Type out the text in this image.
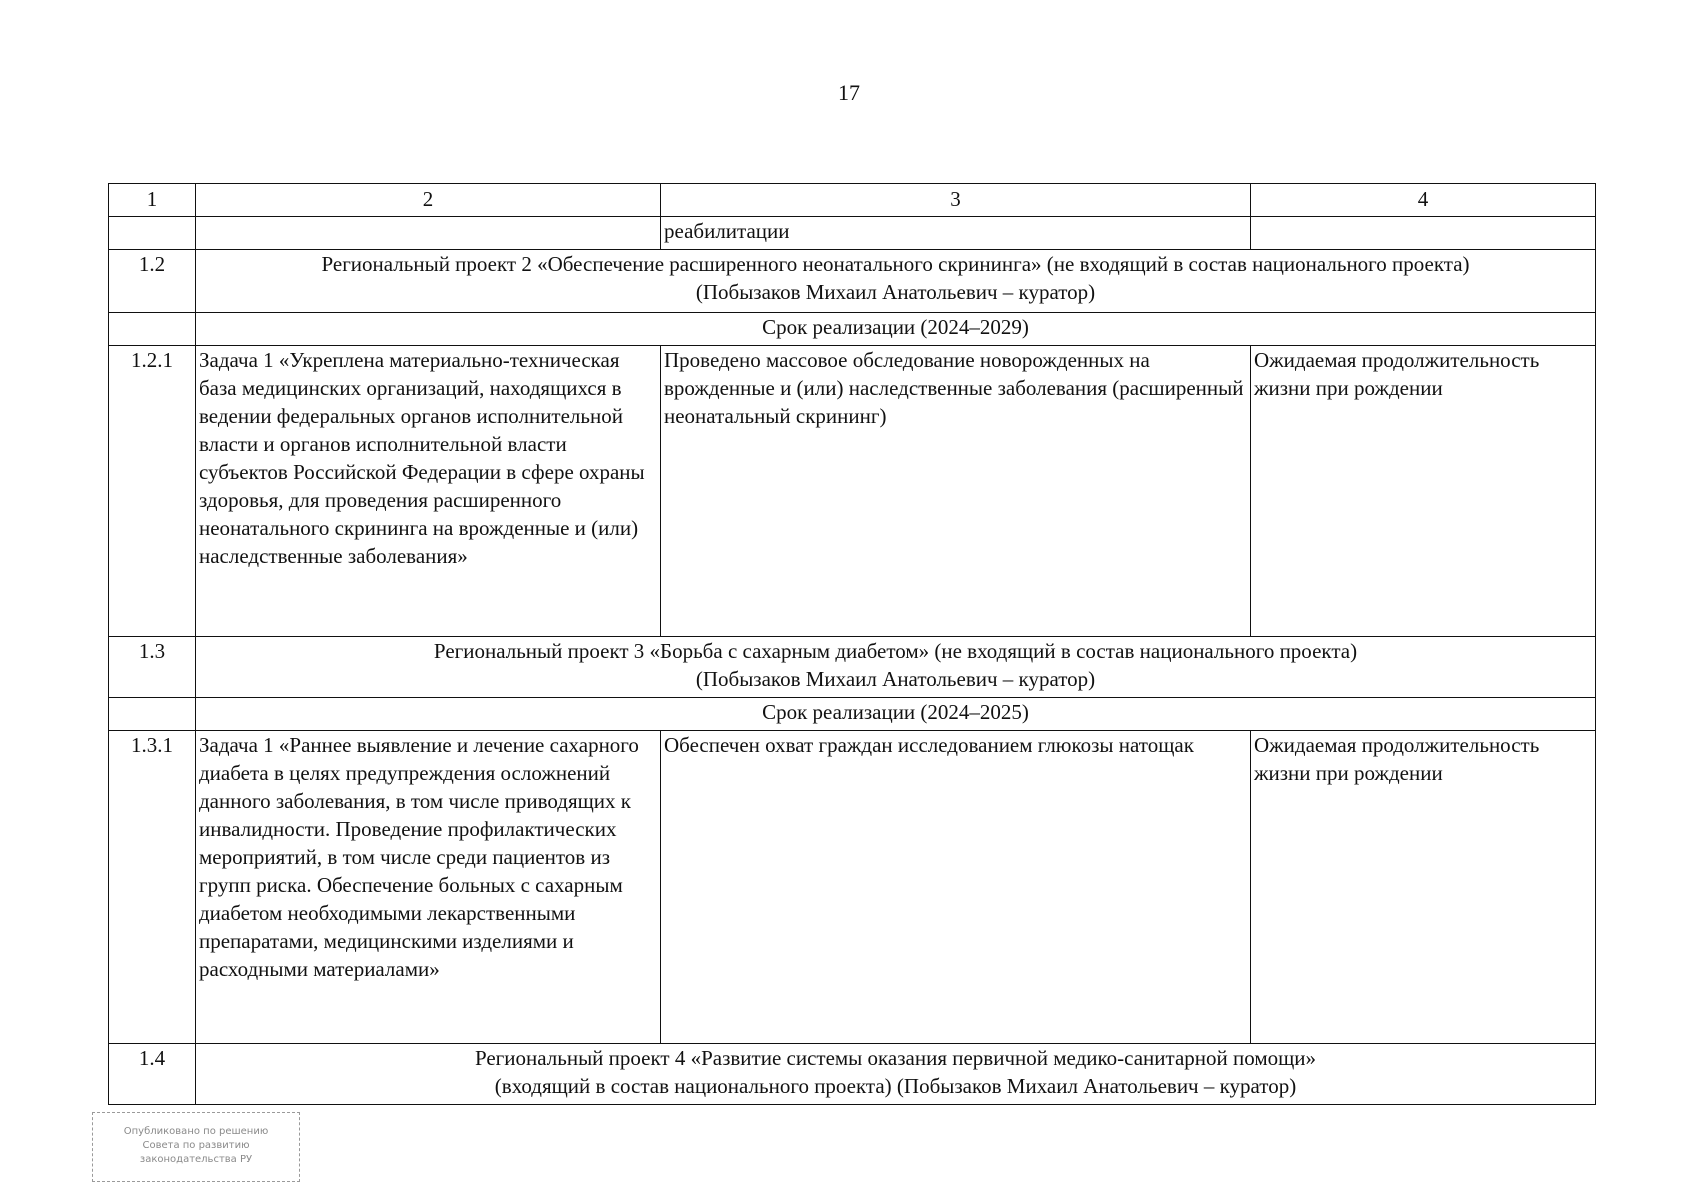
17
1	2	3	4
		реабилитации	
1.2	Региональный проект 2 «Обеспечение расширенного неонатального скрининга» (не входящий в состав национального проекта)
(Побызаков Михаил Анатольевич – куратор)		

	Срок реализации (2024–2029)		
1.2.1	Задача 1 «Укреплена материально-техническая база медицинских организаций, находящихся в ведении федеральных органов исполнительной власти и органов исполнительной власти субъектов Российской Федерации в сфере охраны здоровья, для проведения расширенного неонатального скрининга на врожденные и (или) наследственные заболевания»	Проведено массовое обследование новорожденных на врожденные и (или) наследственные заболевания (расширенный неонатальный скрининг)	Ожидаемая продолжительность жизни при рождении
1.3	Региональный проект 3 «Борьба с сахарным диабетом» (не входящий в состав национального проекта)
(Побызаков Михаил Анатольевич – куратор)		

	Срок реализации (2024–2025)		
1.3.1	Задача 1 «Раннее выявление и лечение сахарного диабета в целях предупреждения осложнений данного заболевания, в том числе приводящих к инвалидности. Проведение профилактических мероприятий, в том числе среди пациентов из групп риска. Обеспечение больных с сахарным диабетом необходимыми лекарственными препаратами, медицинскими изделиями и расходными материалами»	Обеспечен охват граждан исследованием глюкозы натощак	Ожидаемая продолжительность жизни при рождении
1.4	Региональный проект 4 «Развитие системы оказания первичной медико-санитарной помощи»
(входящий в состав национального проекта) (Побызаков Михаил Анатольевич – куратор)		
Опубликовано по решению
Совета по развитию
законодательства РУ
